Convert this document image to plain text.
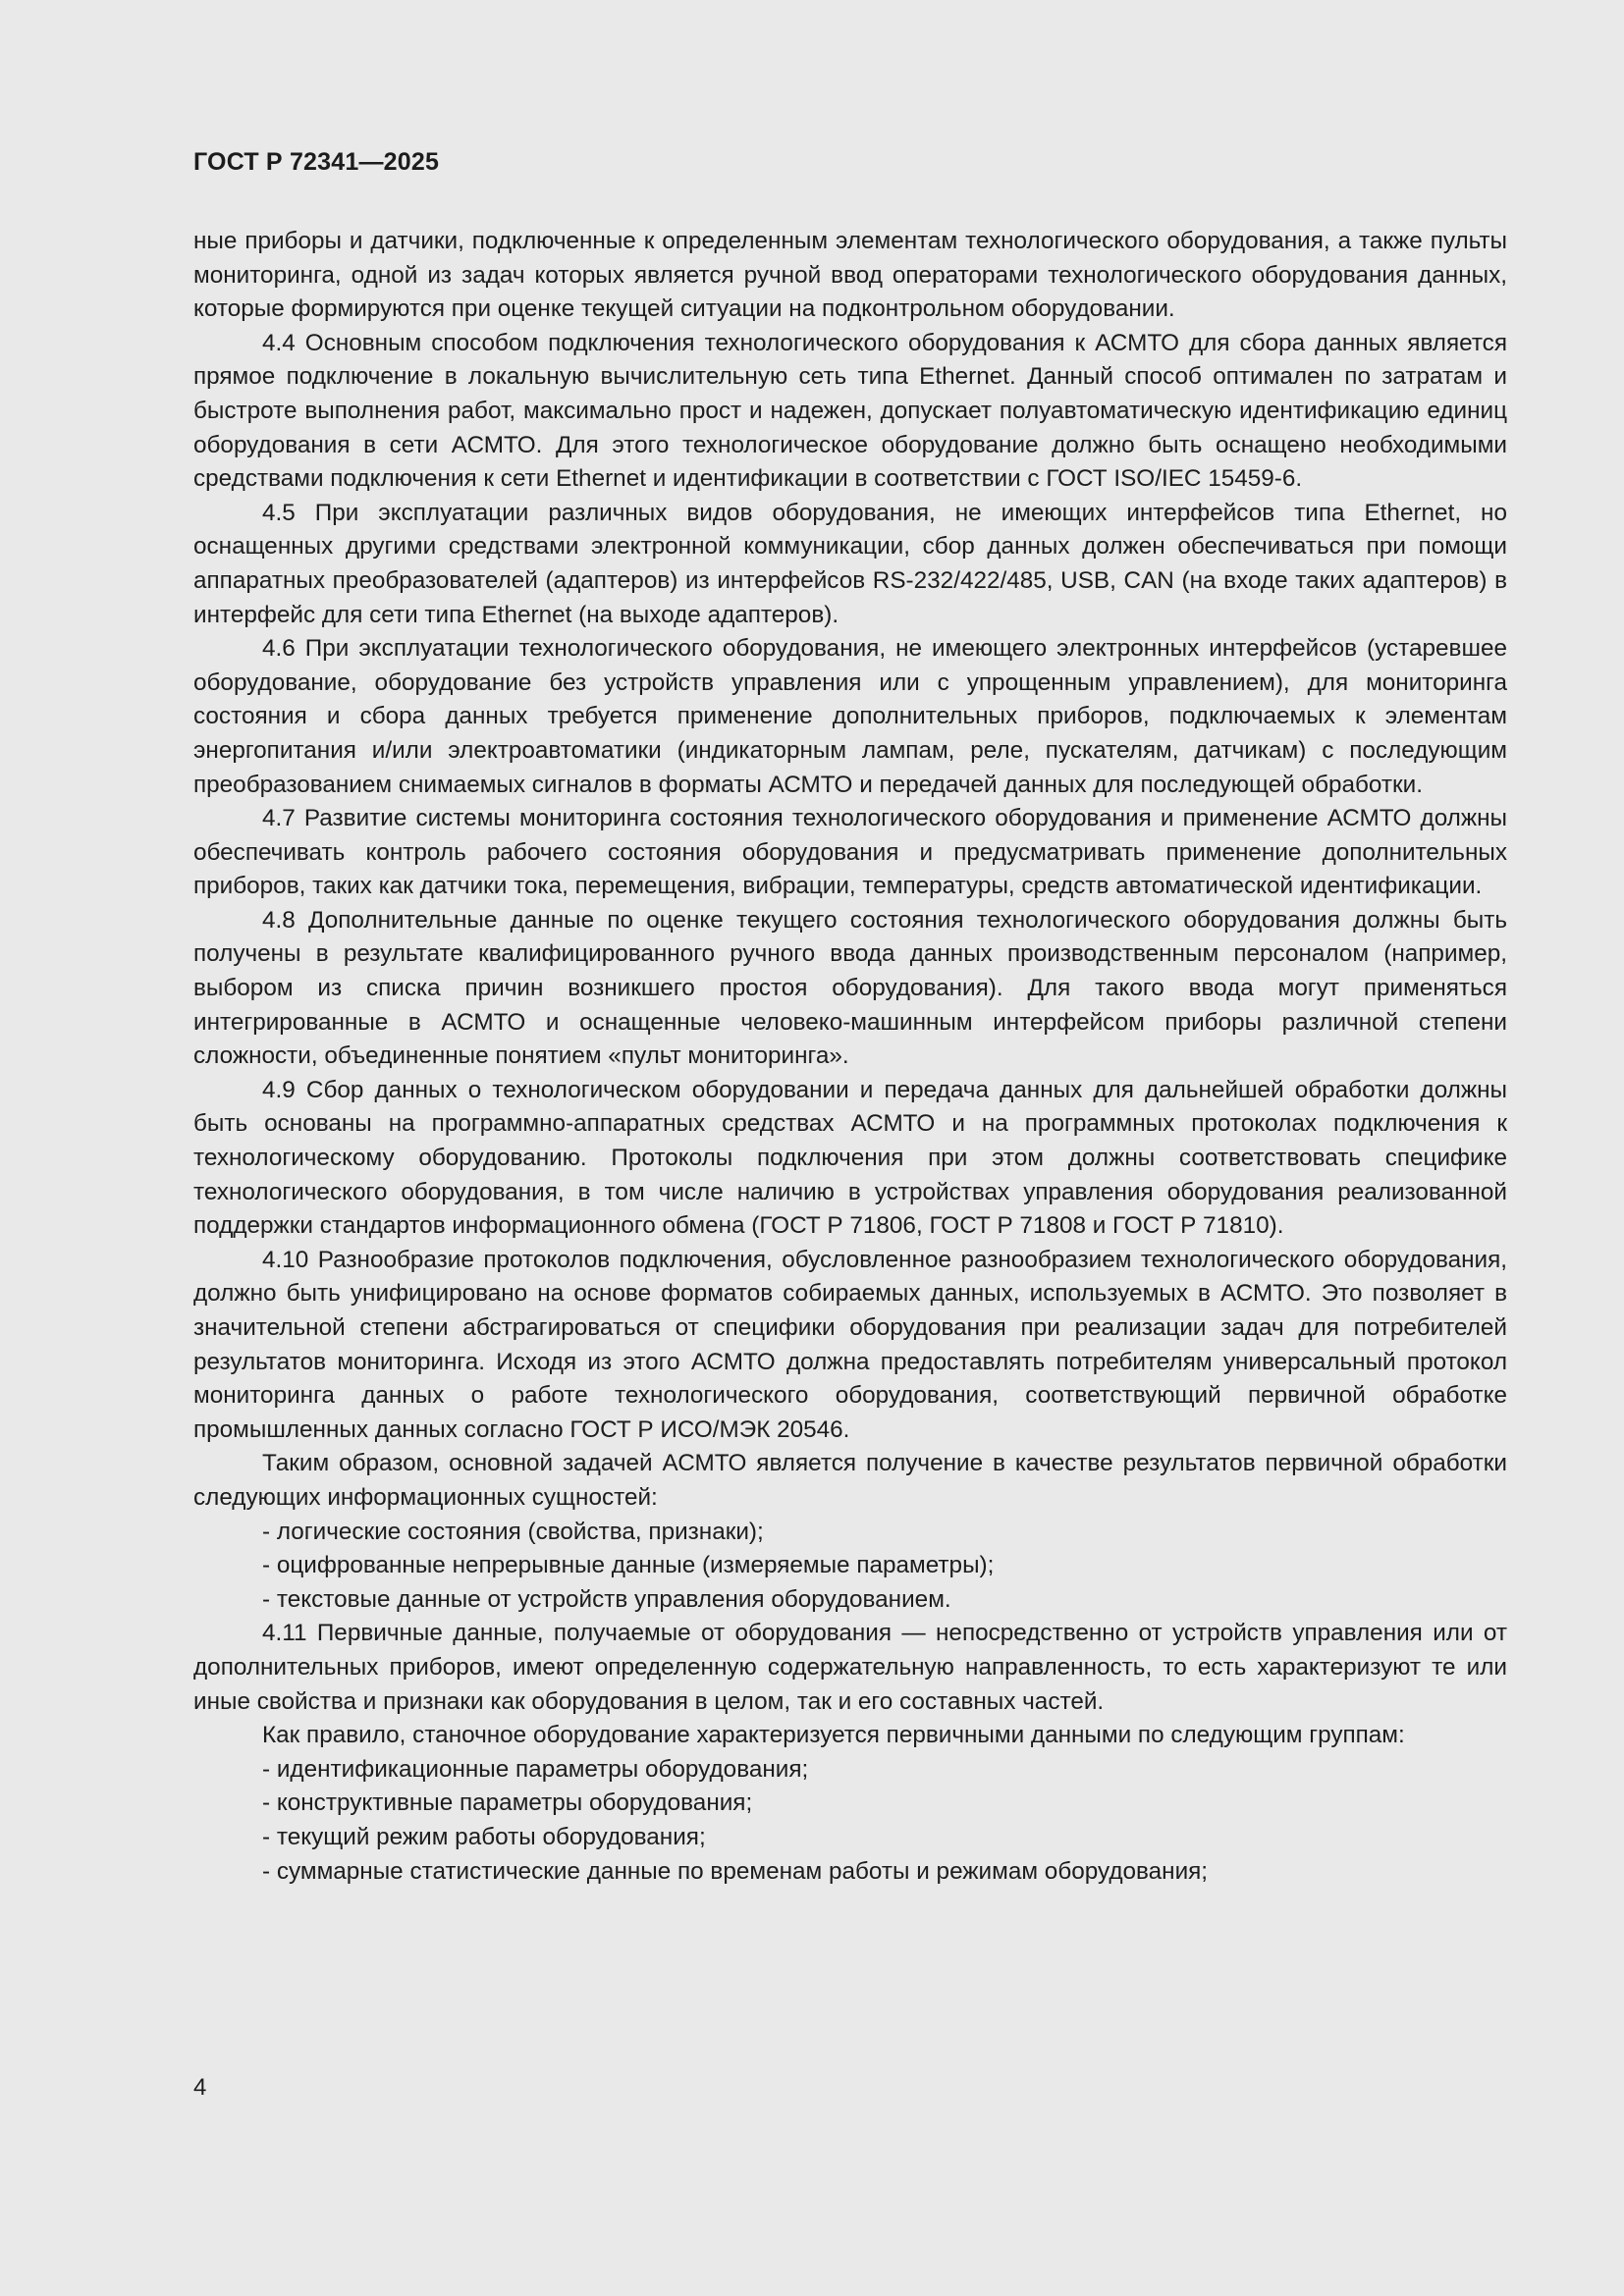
ГОСТ Р 72341—2025

ные приборы и датчики, подключенные к определенным элементам технологического оборудования, а также пульты мониторинга, одной из задач которых является ручной ввод операторами технологического оборудования данных, которые формируются при оценке текущей ситуации на подконтрольном оборудовании.

4.4 Основным способом подключения технологического оборудования к АСМТО для сбора данных является прямое подключение в локальную вычислительную сеть типа Ethernet. Данный способ оптимален по затратам и быстроте выполнения работ, максимально прост и надежен, допускает полуавтоматическую идентификацию единиц оборудования в сети АСМТО. Для этого технологическое оборудование должно быть оснащено необходимыми средствами подключения к сети Ethernet и идентификации в соответствии с ГОСТ ISO/IEC 15459-6.

4.5 При эксплуатации различных видов оборудования, не имеющих интерфейсов типа Ethernet, но оснащенных другими средствами электронной коммуникации, сбор данных должен обеспечиваться при помощи аппаратных преобразователей (адаптеров) из интерфейсов RS-232/422/485, USB, CAN (на входе таких адаптеров) в интерфейс для сети типа Ethernet (на выходе адаптеров).

4.6 При эксплуатации технологического оборудования, не имеющего электронных интерфейсов (устаревшее оборудование, оборудование без устройств управления или с упрощенным управлением), для мониторинга состояния и сбора данных требуется применение дополнительных приборов, подключаемых к элементам энергопитания и/или электроавтоматики (индикаторным лампам, реле, пускателям, датчикам) с последующим преобразованием снимаемых сигналов в форматы АСМТО и передачей данных для последующей обработки.

4.7 Развитие системы мониторинга состояния технологического оборудования и применение АСМТО должны обеспечивать контроль рабочего состояния оборудования и предусматривать применение дополнительных приборов, таких как датчики тока, перемещения, вибрации, температуры, средств автоматической идентификации.

4.8 Дополнительные данные по оценке текущего состояния технологического оборудования должны быть получены в результате квалифицированного ручного ввода данных производственным персоналом (например, выбором из списка причин возникшего простоя оборудования). Для такого ввода могут применяться интегрированные в АСМТО и оснащенные человеко-машинным интерфейсом приборы различной степени сложности, объединенные понятием «пульт мониторинга».

4.9 Сбор данных о технологическом оборудовании и передача данных для дальнейшей обработки должны быть основаны на программно-аппаратных средствах АСМТО и на программных протоколах подключения к технологическому оборудованию. Протоколы подключения при этом должны соответствовать специфике технологического оборудования, в том числе наличию в устройствах управления оборудования реализованной поддержки стандартов информационного обмена (ГОСТ Р 71806, ГОСТ Р 71808 и ГОСТ Р 71810).

4.10 Разнообразие протоколов подключения, обусловленное разнообразием технологического оборудования, должно быть унифицировано на основе форматов собираемых данных, используемых в АСМТО. Это позволяет в значительной степени абстрагироваться от специфики оборудования при реализации задач для потребителей результатов мониторинга. Исходя из этого АСМТО должна предоставлять потребителям универсальный протокол мониторинга данных о работе технологического оборудования, соответствующий первичной обработке промышленных данных согласно ГОСТ Р ИСО/МЭК 20546.

Таким образом, основной задачей АСМТО является получение в качестве результатов первичной обработки следующих информационных сущностей:

- логические состояния (свойства, признаки);

- оцифрованные непрерывные данные (измеряемые параметры);

- текстовые данные от устройств управления оборудованием.

4.11 Первичные данные, получаемые от оборудования — непосредственно от устройств управления или от дополнительных приборов, имеют определенную содержательную направленность, то есть характеризуют те или иные свойства и признаки как оборудования в целом, так и его составных частей.

Как правило, станочное оборудование характеризуется первичными данными по следующим группам:

- идентификационные параметры оборудования;

- конструктивные параметры оборудования;

- текущий режим работы оборудования;

- суммарные статистические данные по временам работы и режимам оборудования;

4
